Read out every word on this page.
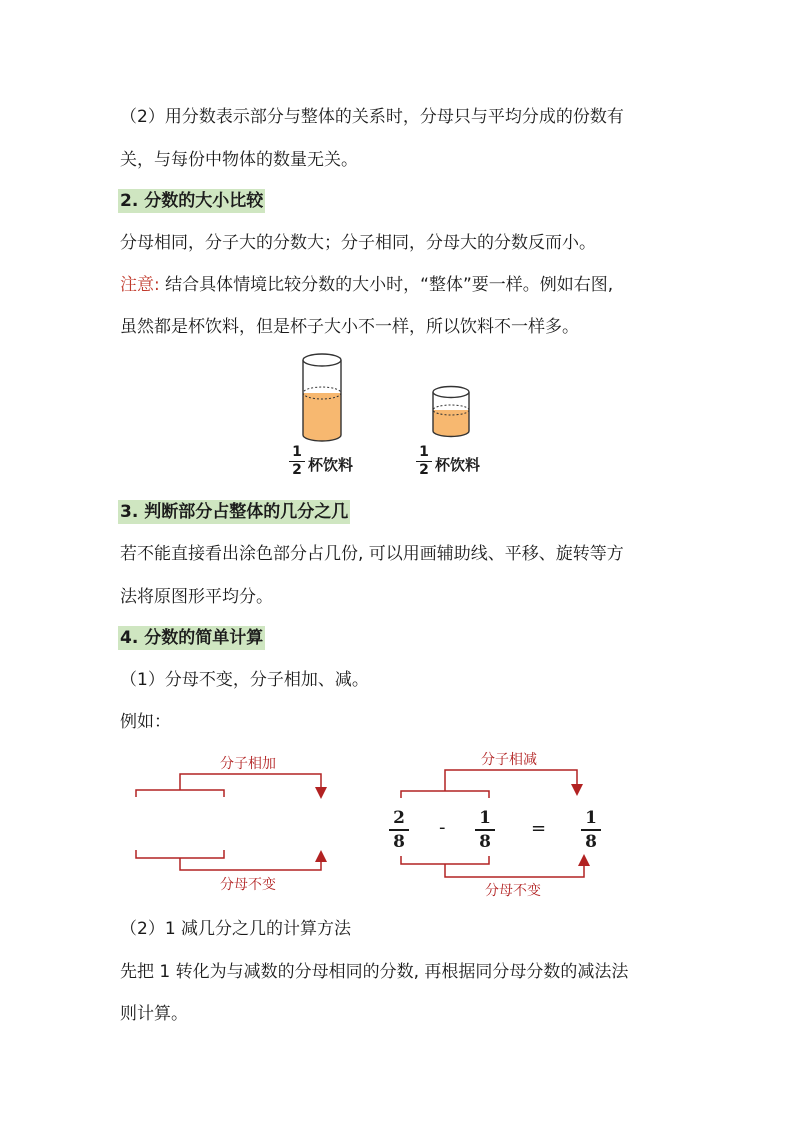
（2）用分数表示部分与整体的关系时，分母只与平均分成的份数有
关，与每份中物体的数量无关。
2. 分数的大小比较
分母相同，分子大的分数大；分子相同，分母大的分数反而小。
注意: 结合具体情境比较分数的大小时，“整体”要一样。例如右图,
虽然都是杯饮料，但是杯子大小不一样，所以饮料不一样多。
1
2 杯饮料
1
2 杯饮料
3. 判断部分占整体的几分之几
若不能直接看出涂色部分占几份, 可以用画辅助线、平移、旋转等方
法将原图形平均分。
4. 分数的简单计算
（1）分母不变，分子相加、减。
例如：
分子相加
分母不变
分子相减
分母不变
2
8
- 1
8
= 1
8
（2）1 减几分之几的计算方法
先把 1 转化为与减数的分母相同的分数, 再根据同分母分数的减法法
则计算。
